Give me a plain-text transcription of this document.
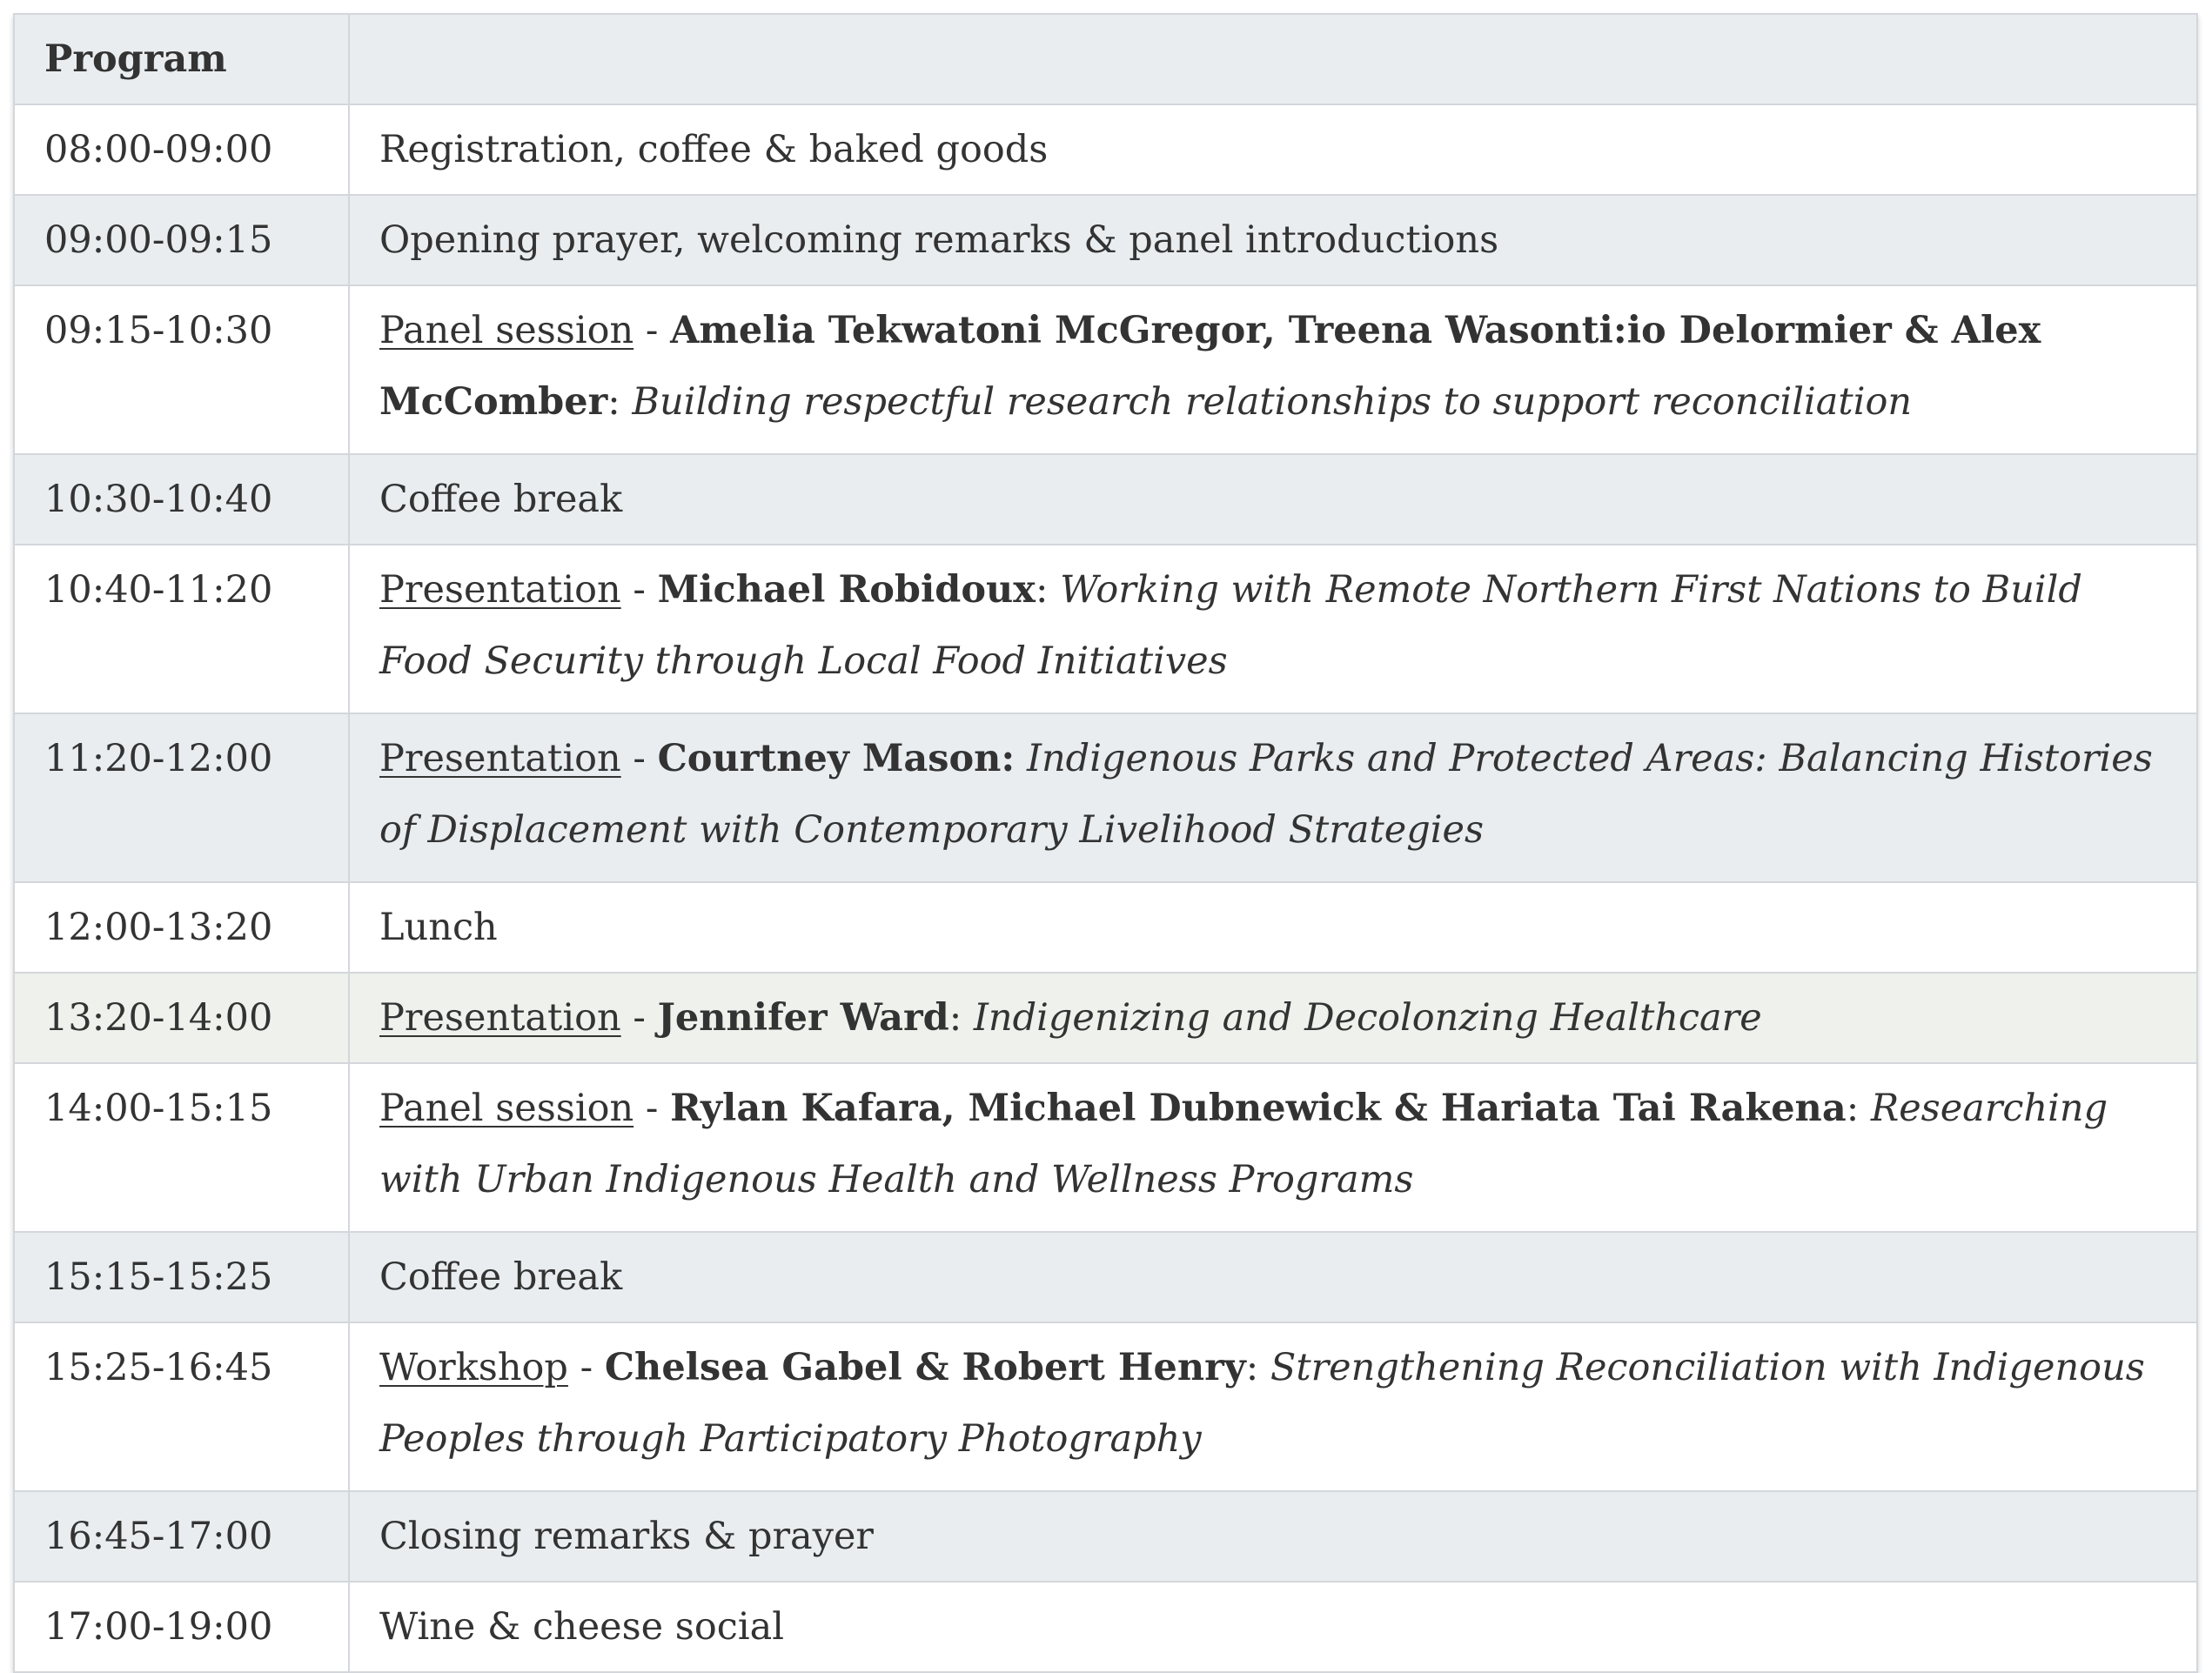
Program	
08:00-09:00	Registration, coffee & baked goods
09:00-09:15	Opening prayer, welcoming remarks & panel introductions
09:15-10:30	Panel session - Amelia Tekwatoni McGregor, Treena Wasonti:io Delormier & Alex McComber: Building respectful research relationships to support reconciliation
10:30-10:40	Coffee break
10:40-11:20	Presentation - Michael Robidoux: Working with Remote Northern First Nations to Build Food Security through Local Food Initiatives
11:20-12:00	Presentation - Courtney Mason: Indigenous Parks and Protected Areas: Balancing Histories of Displacement with Contemporary Livelihood Strategies
12:00-13:20	Lunch
13:20-14:00	Presentation - Jennifer Ward: Indigenizing and Decolonzing Healthcare
14:00-15:15	Panel session - Rylan Kafara, Michael Dubnewick & Hariata Tai Rakena: Researching with Urban Indigenous Health and Wellness Programs
15:15-15:25	Coffee break
15:25-16:45	Workshop - Chelsea Gabel & Robert Henry: Strengthening Reconciliation with Indigenous Peoples through Participatory Photography
16:45-17:00	Closing remarks & prayer
17:00-19:00	Wine & cheese social
